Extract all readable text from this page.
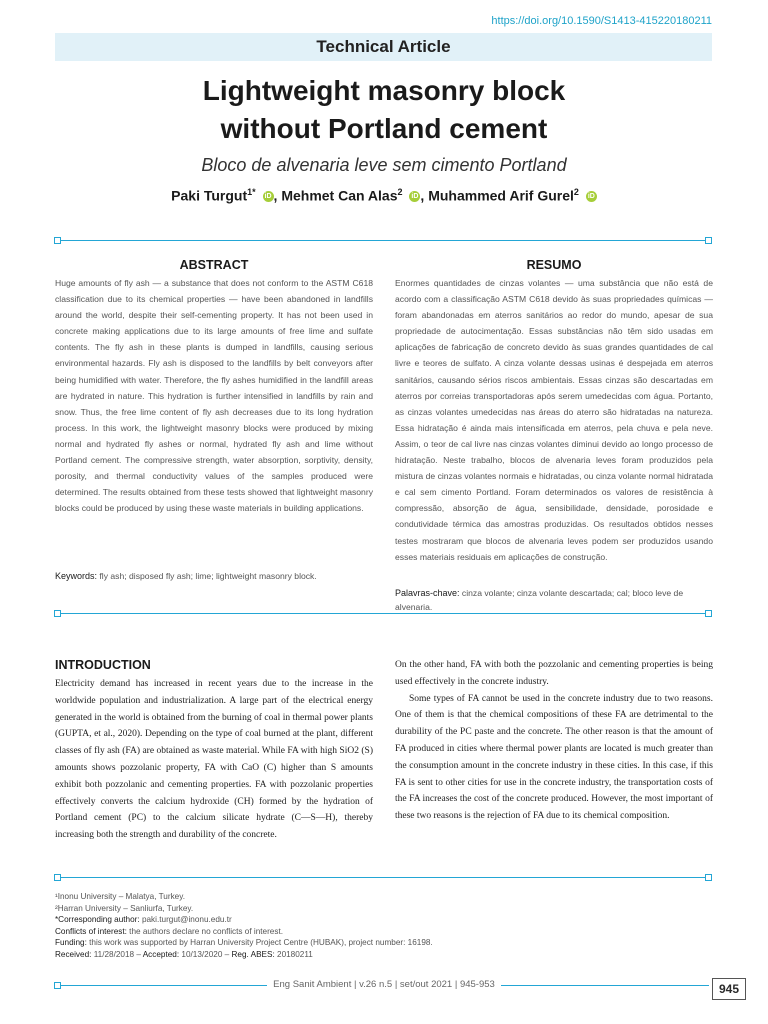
https://doi.org/10.1590/S1413-415220180211
Technical Article
Lightweight masonry block
without Portland cement
Bloco de alvenaria leve sem cimento Portland
Paki Turgut$^{1*}$ iD , Mehmet Can Alas$^2$ iD , Muhammed Arif Gurel$^2$ iD
ABSTRACT
Huge amounts of fly ash — a substance that does not conform to the ASTM C618 classification due to its chemical properties — have been abandoned in landfills around the world, despite their self-cementing property. It has not been used in concrete making applications due to its large amounts of free lime and sulfate contents. The fly ash in these plants is dumped in landfills, causing serious environmental hazards. Fly ash is disposed to the landfills by belt conveyors after being humidified with water. Therefore, the fly ashes humidified in the landfill areas are hydrated in nature. This hydration is further intensified in landfills by rain and snow. Thus, the free lime content of fly ash decreases due to its long hydration process. In this work, the lightweight masonry blocks were produced by mixing normal and hydrated fly ashes or normal, hydrated fly ash and lime without Portland cement. The compressive strength, water absorption, sorptivity, density, porosity, and thermal conductivity values of the samples produced were determined. The results obtained from these tests showed that lightweight masonry blocks could be produced by using these waste materials in building applications.
Keywords: fly ash; disposed fly ash; lime; lightweight masonry block.
RESUMO
Enormes quantidades de cinzas volantes — uma substância que não está de acordo com a classificação ASTM C618 devido às suas propriedades químicas — foram abandonadas em aterros sanitários ao redor do mundo, apesar de sua propriedade de autocimentação. Essas substâncias não têm sido usadas em aplicações de fabricação de concreto devido às suas grandes quantidades de cal livre e teores de sulfato. A cinza volante dessas usinas é despejada em aterros sanitários, causando sérios riscos ambientais. Essas cinzas são descartadas em aterros por correias transportadoras após serem umedecidas com água. Portanto, as cinzas volantes umedecidas nas áreas do aterro são hidratadas na natureza. Essa hidratação é ainda mais intensificada em aterros, pela chuva e pela neve. Assim, o teor de cal livre nas cinzas volantes diminui devido ao longo processo de hidratação. Neste trabalho, blocos de alvenaria leves foram produzidos pela mistura de cinzas volantes normais e hidratadas, ou cinza volante normal hidratada e cal sem cimento Portland. Foram determinados os valores de resistência à compressão, absorção de água, sensibilidade, densidade, porosidade e condutividade térmica das amostras produzidas. Os resultados obtidos nesses testes mostraram que blocos de alvenaria leves podem ser produzidos usando esses materiais residuais em aplicações de construção.
Palavras-chave: cinza volante; cinza volante descartada; cal; bloco leve de alvenaria.
INTRODUCTION

Electricity demand has increased in recent years due to the increase in the worldwide population and industrialization. A large part of the electrical energy generated in the world is obtained from the burning of coal in thermal power plants (GUPTA, et al., 2020). Depending on the type of coal burned at the plant, different classes of fly ash (FA) are obtained as waste material. While FA with high SiO2 (S) amounts shows pozzolanic property, FA with CaO (C) higher than S amounts exhibit both pozzolanic and cementing properties. FA with pozzolanic properties effectively converts the calcium hydroxide (CH) formed by the hydration of Portland cement (PC) to the calcium silicate hydrate (C—S—H), thereby increasing both the strength and durability of the concrete.

On the other hand, FA with both the pozzolanic and cementing properties is being used effectively in the concrete industry.

Some types of FA cannot be used in the concrete industry due to two reasons. One of them is that the chemical compositions of these FA are detrimental to the durability of the PC paste and the concrete. The other reason is that the amount of FA produced in cities where thermal power plants are located is much greater than the consumption amount in the concrete industry in these cities. In this case, if this FA is sent to other cities for use in the concrete industry, the transportation costs of the FA increases the cost of the concrete produced. However, the most important of these two reasons is the rejection of FA due to its chemical composition.

¹Inonu University – Malatya, Turkey.
²Harran University – Sanliurfa, Turkey.
*Corresponding author: paki.turgut@inonu.edu.tr
Conflicts of interest: the authors declare no conflicts of interest.
Funding: this work was supported by Harran University Project Centre (HUBAK), project number: 16198.
Received: 11/28/2018 – Accepted: 10/13/2020 – Reg. ABES: 20180211
Eng Sanit Ambient | v.26 n.5 | set/out 2021 | 945-953	945
